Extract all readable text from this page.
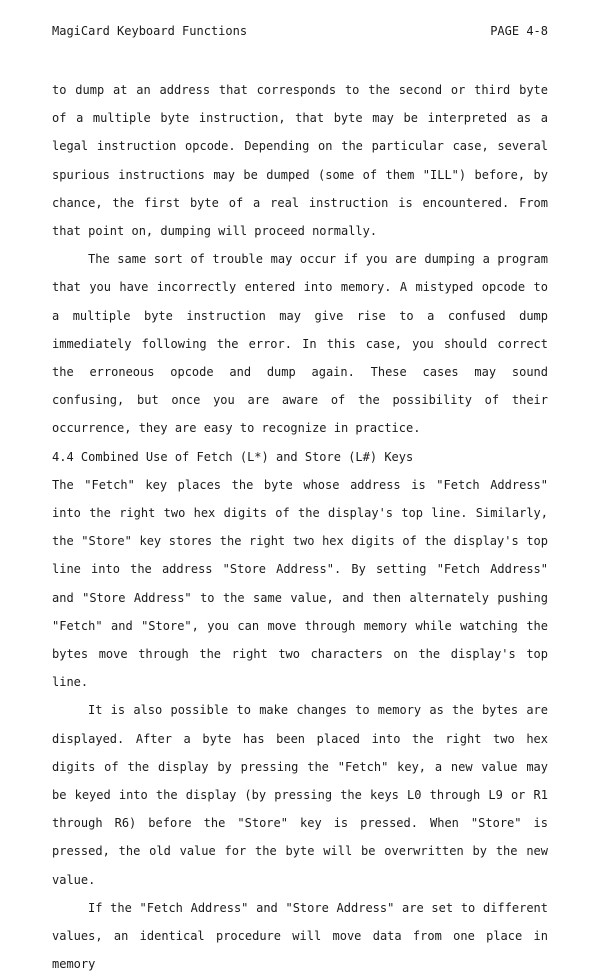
MagiCard Keyboard Functions	PAGE 4-8

to dump at an address that corresponds to the second or third byte of a multiple byte instruction, that byte may be interpreted as a legal instruction opcode. Depending on the particular case, several spurious instructions may be dumped (some of them "ILL") before, by chance, the first byte of a real instruction is encountered. From that point on, dumping will proceed normally.

The same sort of trouble may occur if you are dumping a program that you have incorrectly entered into memory. A mistyped opcode to a multiple byte instruction may give rise to a confused dump immediately following the error. In this case, you should correct the erroneous opcode and dump again. These cases may sound confusing, but once you are aware of the possibility of their occurrence, they are easy to recognize in practice.

4.4 Combined Use of Fetch (L*) and Store (L#) Keys

The "Fetch" key places the byte whose address is "Fetch Address" into the right two hex digits of the display's top line. Similarly, the "Store" key stores the right two hex digits of the display's top line into the address "Store Address". By setting "Fetch Address" and "Store Address" to the same value, and then alternately pushing "Fetch" and "Store", you can move through memory while watching the bytes move through the right two characters on the display's top line.

It is also possible to make changes to memory as the bytes are displayed. After a byte has been placed into the right two hex digits of the display by pressing the "Fetch" key, a new value may be keyed into the display (by pressing the keys L0 through L9 or R1 through R6) before the "Store" key is pressed. When "Store" is pressed, the old value for the byte will be overwritten by the new value.

If the "Fetch Address" and "Store Address" are set to different values, an identical procedure will move data from one place in memory
